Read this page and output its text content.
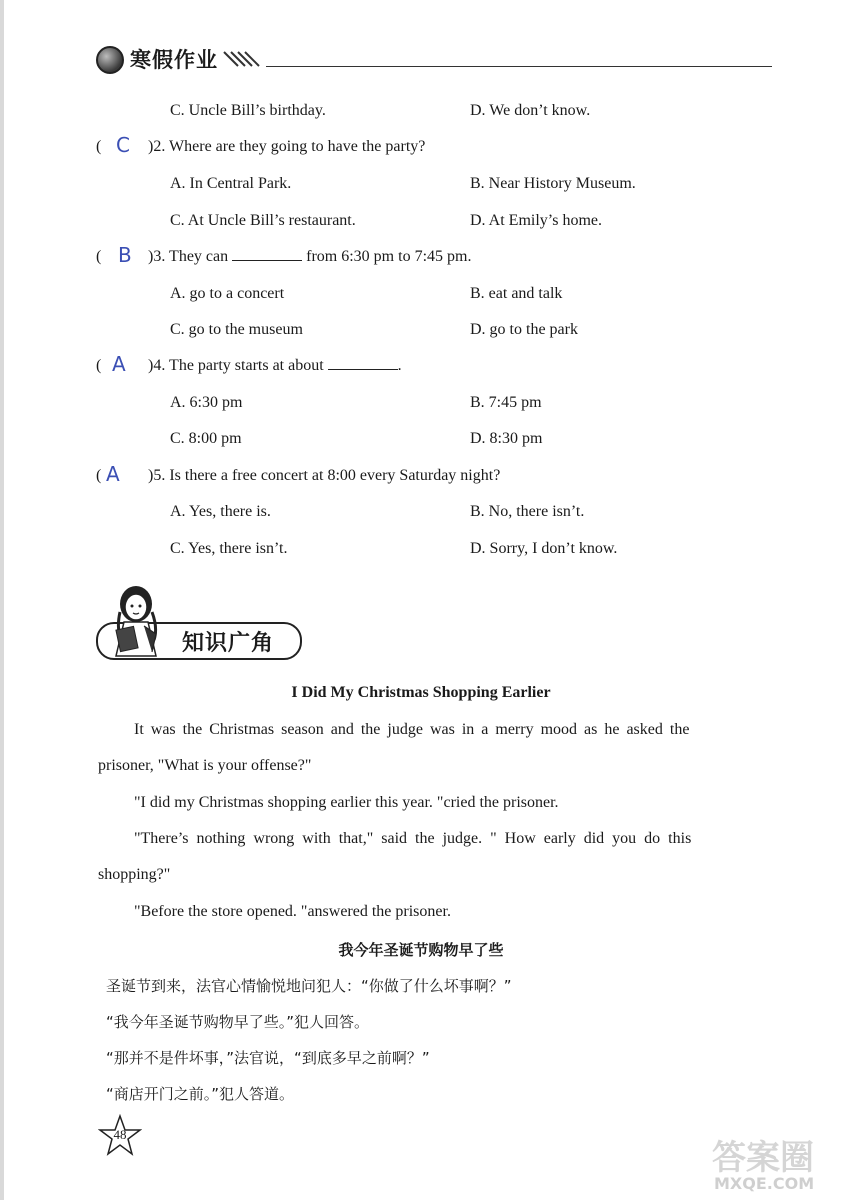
寒假作业
C. Uncle Bill’s birthday.	D. We don’t know.
( C )2. Where are they going to have the party?
A. In Central Park.	B. Near History Museum.
C. At Uncle Bill’s restaurant.	D. At Emily’s home.
( B )3. They can	from 6:30 pm to 7:45 pm.
A. go to a concert	B. eat and talk
C. go to the museum	D. go to the park
( A )4. The party starts at about	.
A. 6:30 pm	B. 7:45 pm
C. 8:00 pm	D. 8:30 pm
( A )5. Is there a free concert at 8:00 every Saturday night?
A. Yes, there is.	B. No, there isn’t.
C. Yes, there isn’t.	D. Sorry, I don’t know.
知识广角
I Did My Christmas Shopping Earlier
It was the Christmas season and the judge was in a merry mood as he asked the
prisoner, "What is your offense?"
"I did my Christmas shopping earlier this year. "cried the prisoner.
"There’s nothing wrong with that," said the judge. " How early did you do this
shopping?"
"Before the store opened. "answered the prisoner.
我今年圣诞节购物早了些
圣诞节到来，法官心情愉悦地问犯人：“你做了什么坏事啊？”
“我今年圣诞节购物早了些。”犯人回答。
“那并不是件坏事，”法官说，“到底多早之前啊？”
“商店开门之前。”犯人答道。
48
答案圈
MXQE.COM
